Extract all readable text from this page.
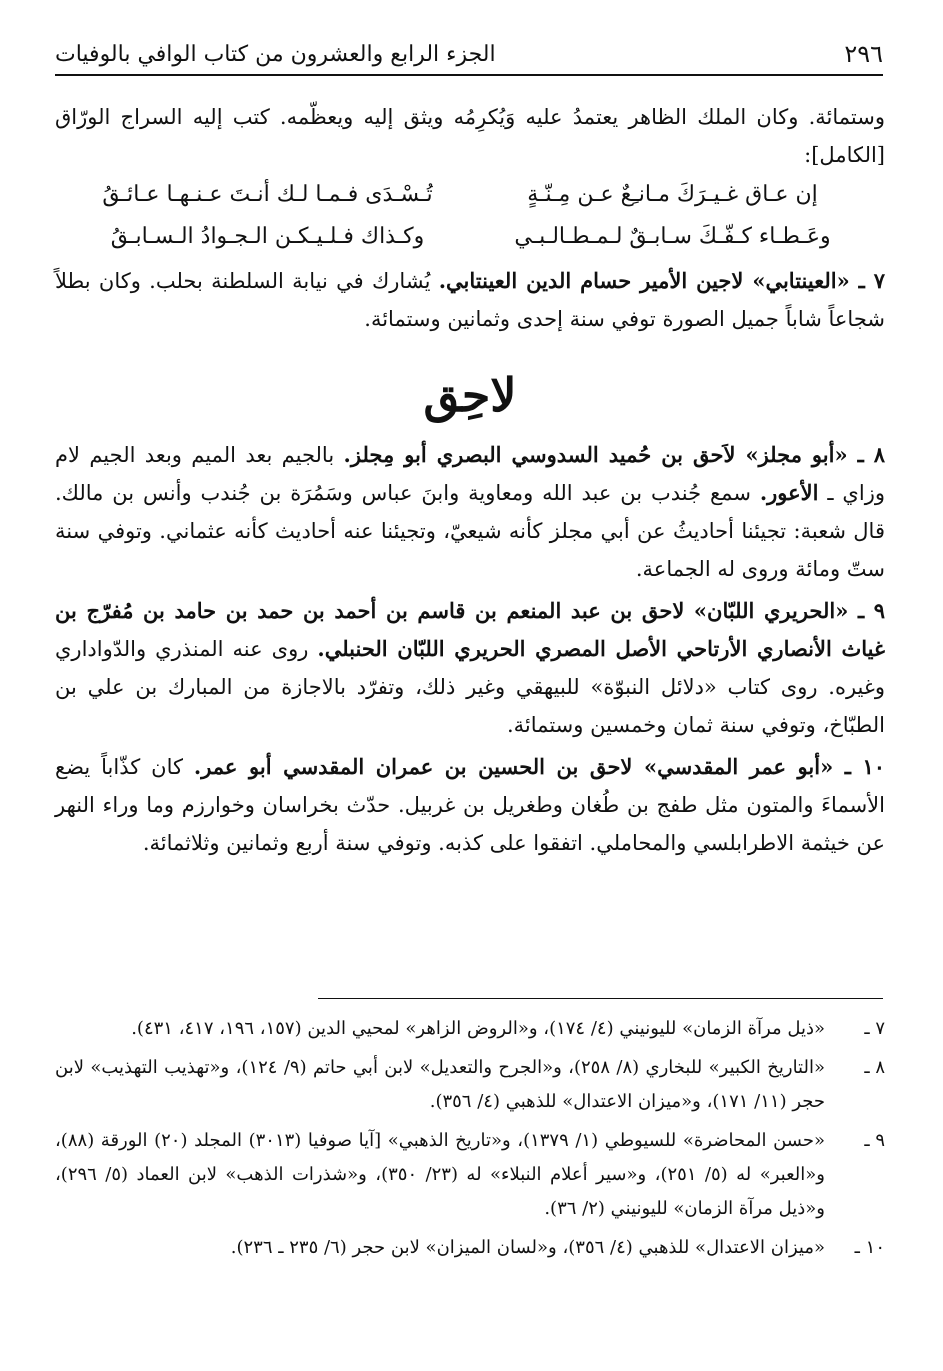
٢٩٦
الجزء الرابع والعشرون من كتاب الوافي بالوفيات

وستمائة. وكان الملك الظاهر يعتمدُ عليه وَيُكرِمُه ويثق إليه ويعظّمه. كتب إليه السراج الورّاق [الكامل]:

إن عـاق غـيـرَكَ مـانـِعٌ عـن مِـنّـةٍ
تُـسْـدَى فـمـا لـك أنـتَ عـنـهـا عـائـقُ
وعَـطـاء كـفّـكَ سـابـقٌ لـمـطـالـبـي
وكـذاك فـلـيـكـن الـجـوادُ الـسـابـقُ

٧ ـ «العينتابي» لاجين الأمير حسام الدين العينتابي. يُشارك في نيابة السلطنة بحلب. وكان بطلاً شجاعاً شاباً جميل الصورة توفي سنة إحدى وثمانين وستمائة.

لاحِق

٨ ـ «أبو مجلز» لاَحق بن حُميد السدوسي البصري أبو مِجلز. بالجيم بعد الميم وبعد الجيم لام وزاي ـ الأعور. سمع جُندب بن عبد الله ومعاوية وابنَ عباس وسَمُرَة بن جُندب وأنس بن مالك. قال شعبة: تجيئنا أحاديثُ عن أبي مجلز كأنه شيعيّ، وتجيئنا عنه أحاديث كأنه عثماني. وتوفي سنة ستّ ومائة وروى له الجماعة.

٩ ـ «الحريري اللبّان» لاحق بن عبد المنعم بن قاسم بن أحمد بن حمد بن حامد بن مُفرّج بن غياث الأنصاري الأرتاحي الأصل المصري الحريري اللبّان الحنبلي. روى عنه المنذري والدّواداري وغيره. روى كتاب «دلائل النبوّة» للبيهقي وغير ذلك، وتفرّد بالاجازة من المبارك بن علي بن الطبّاخ، وتوفي سنة ثمان وخمسين وستمائة.

١٠ ـ «أبو عمر المقدسي» لاحق بن الحسين بن عمران المقدسي أبو عمر. كان كذّاباً يضع الأسماءَ والمتون مثل طفج بن طُغان وطغريل بن غربيل. حدّث بخراسان وخوارزم وما وراء النهر عن خيثمة الاطرابلسي والمحاملي. اتفقوا على كذبه. وتوفي سنة أربع وثمانين وثلاثمائة.

٧ ـ
«ذيل مرآة الزمان» لليونيني (٤/ ١٧٤)، و«الروض الزاهر» لمحيي الدين (١٥٧، ١٩٦، ٤١٧، ٤٣١).
٨ ـ
«التاريخ الكبير» للبخاري (٨/ ٢٥٨)، و«الجرح والتعديل» لابن أبي حاتم (٩/ ١٢٤)، و«تهذيب التهذيب» لابن حجر (١١/ ١٧١)، و«ميزان الاعتدال» للذهبي (٤/ ٣٥٦).
٩ ـ
«حسن المحاضرة» للسيوطي (١/ ١٣٧٩)، و«تاريخ الذهبي» [آيا صوفيا (٣٠١٣) المجلد (٢٠) الورقة (٨٨)، و«العبر» له (٥/ ٢٥١)، و«سير أعلام النبلاء» له (٢٣/ ٣٥٠)، و«شذرات الذهب» لابن العماد (٥/ ٢٩٦)، و«ذيل مرآة الزمان» لليونيني (٢/ ٣٦).
١٠ ـ
«ميزان الاعتدال» للذهبي (٤/ ٣٥٦)، و«لسان الميزان» لابن حجر (٦/ ٢٣٥ ـ ٢٣٦).
